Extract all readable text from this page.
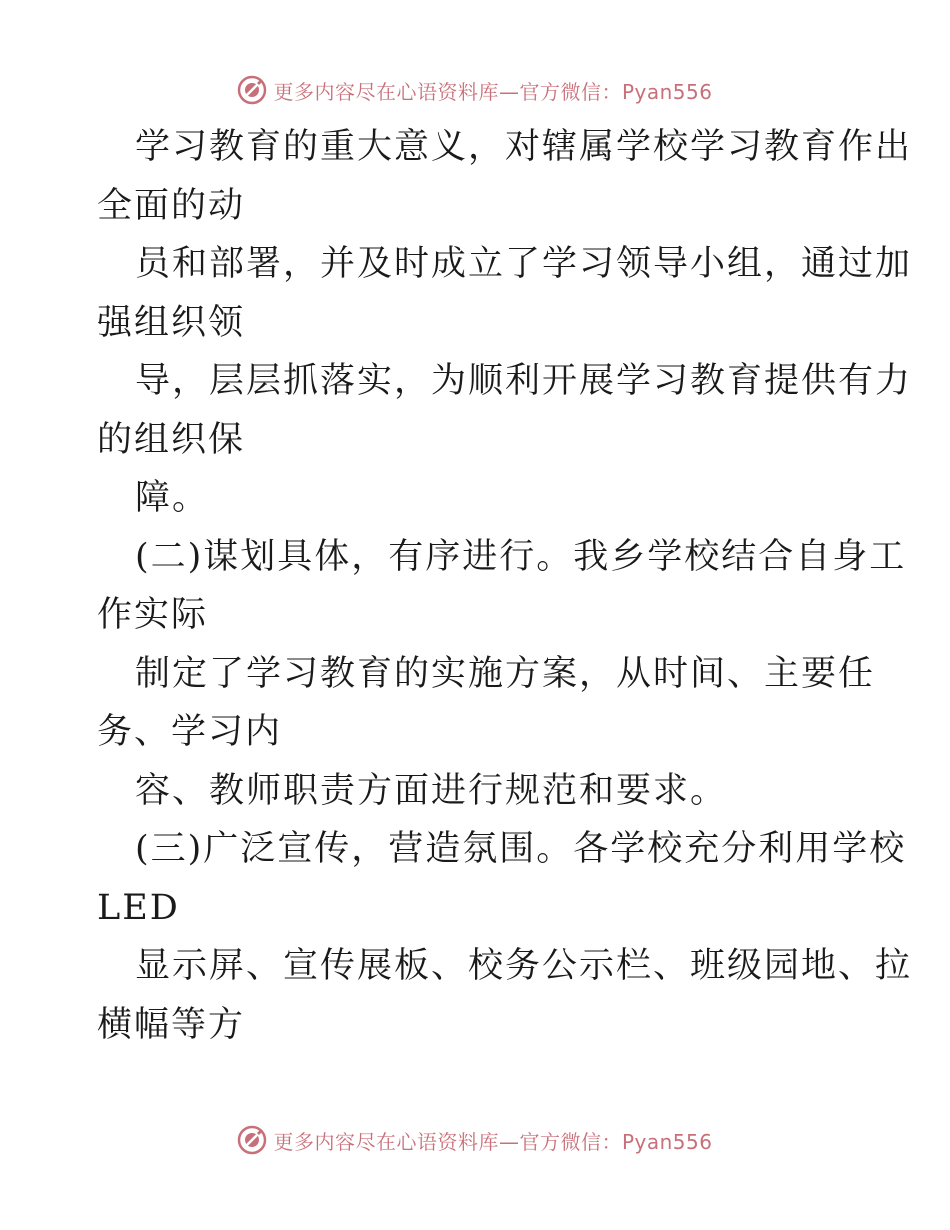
更多内容尽在心语资料库—官方微信：Pyan556
学习教育的重大意义，对辖属学校学习教育作出
全面的动
员和部署，并及时成立了学习领导小组，通过加
强组织领
导，层层抓落实，为顺利开展学习教育提供有力
的组织保
障。
(二)谋划具体，有序进行。我乡学校结合自身工
作实际
制定了学习教育的实施方案，从时间、主要任
务、学习内
容、教师职责方面进行规范和要求。
(三)广泛宣传，营造氛围。各学校充分利用学校
LED
显示屏、宣传展板、校务公示栏、班级园地、拉
横幅等方
更多内容尽在心语资料库—官方微信：Pyan556
